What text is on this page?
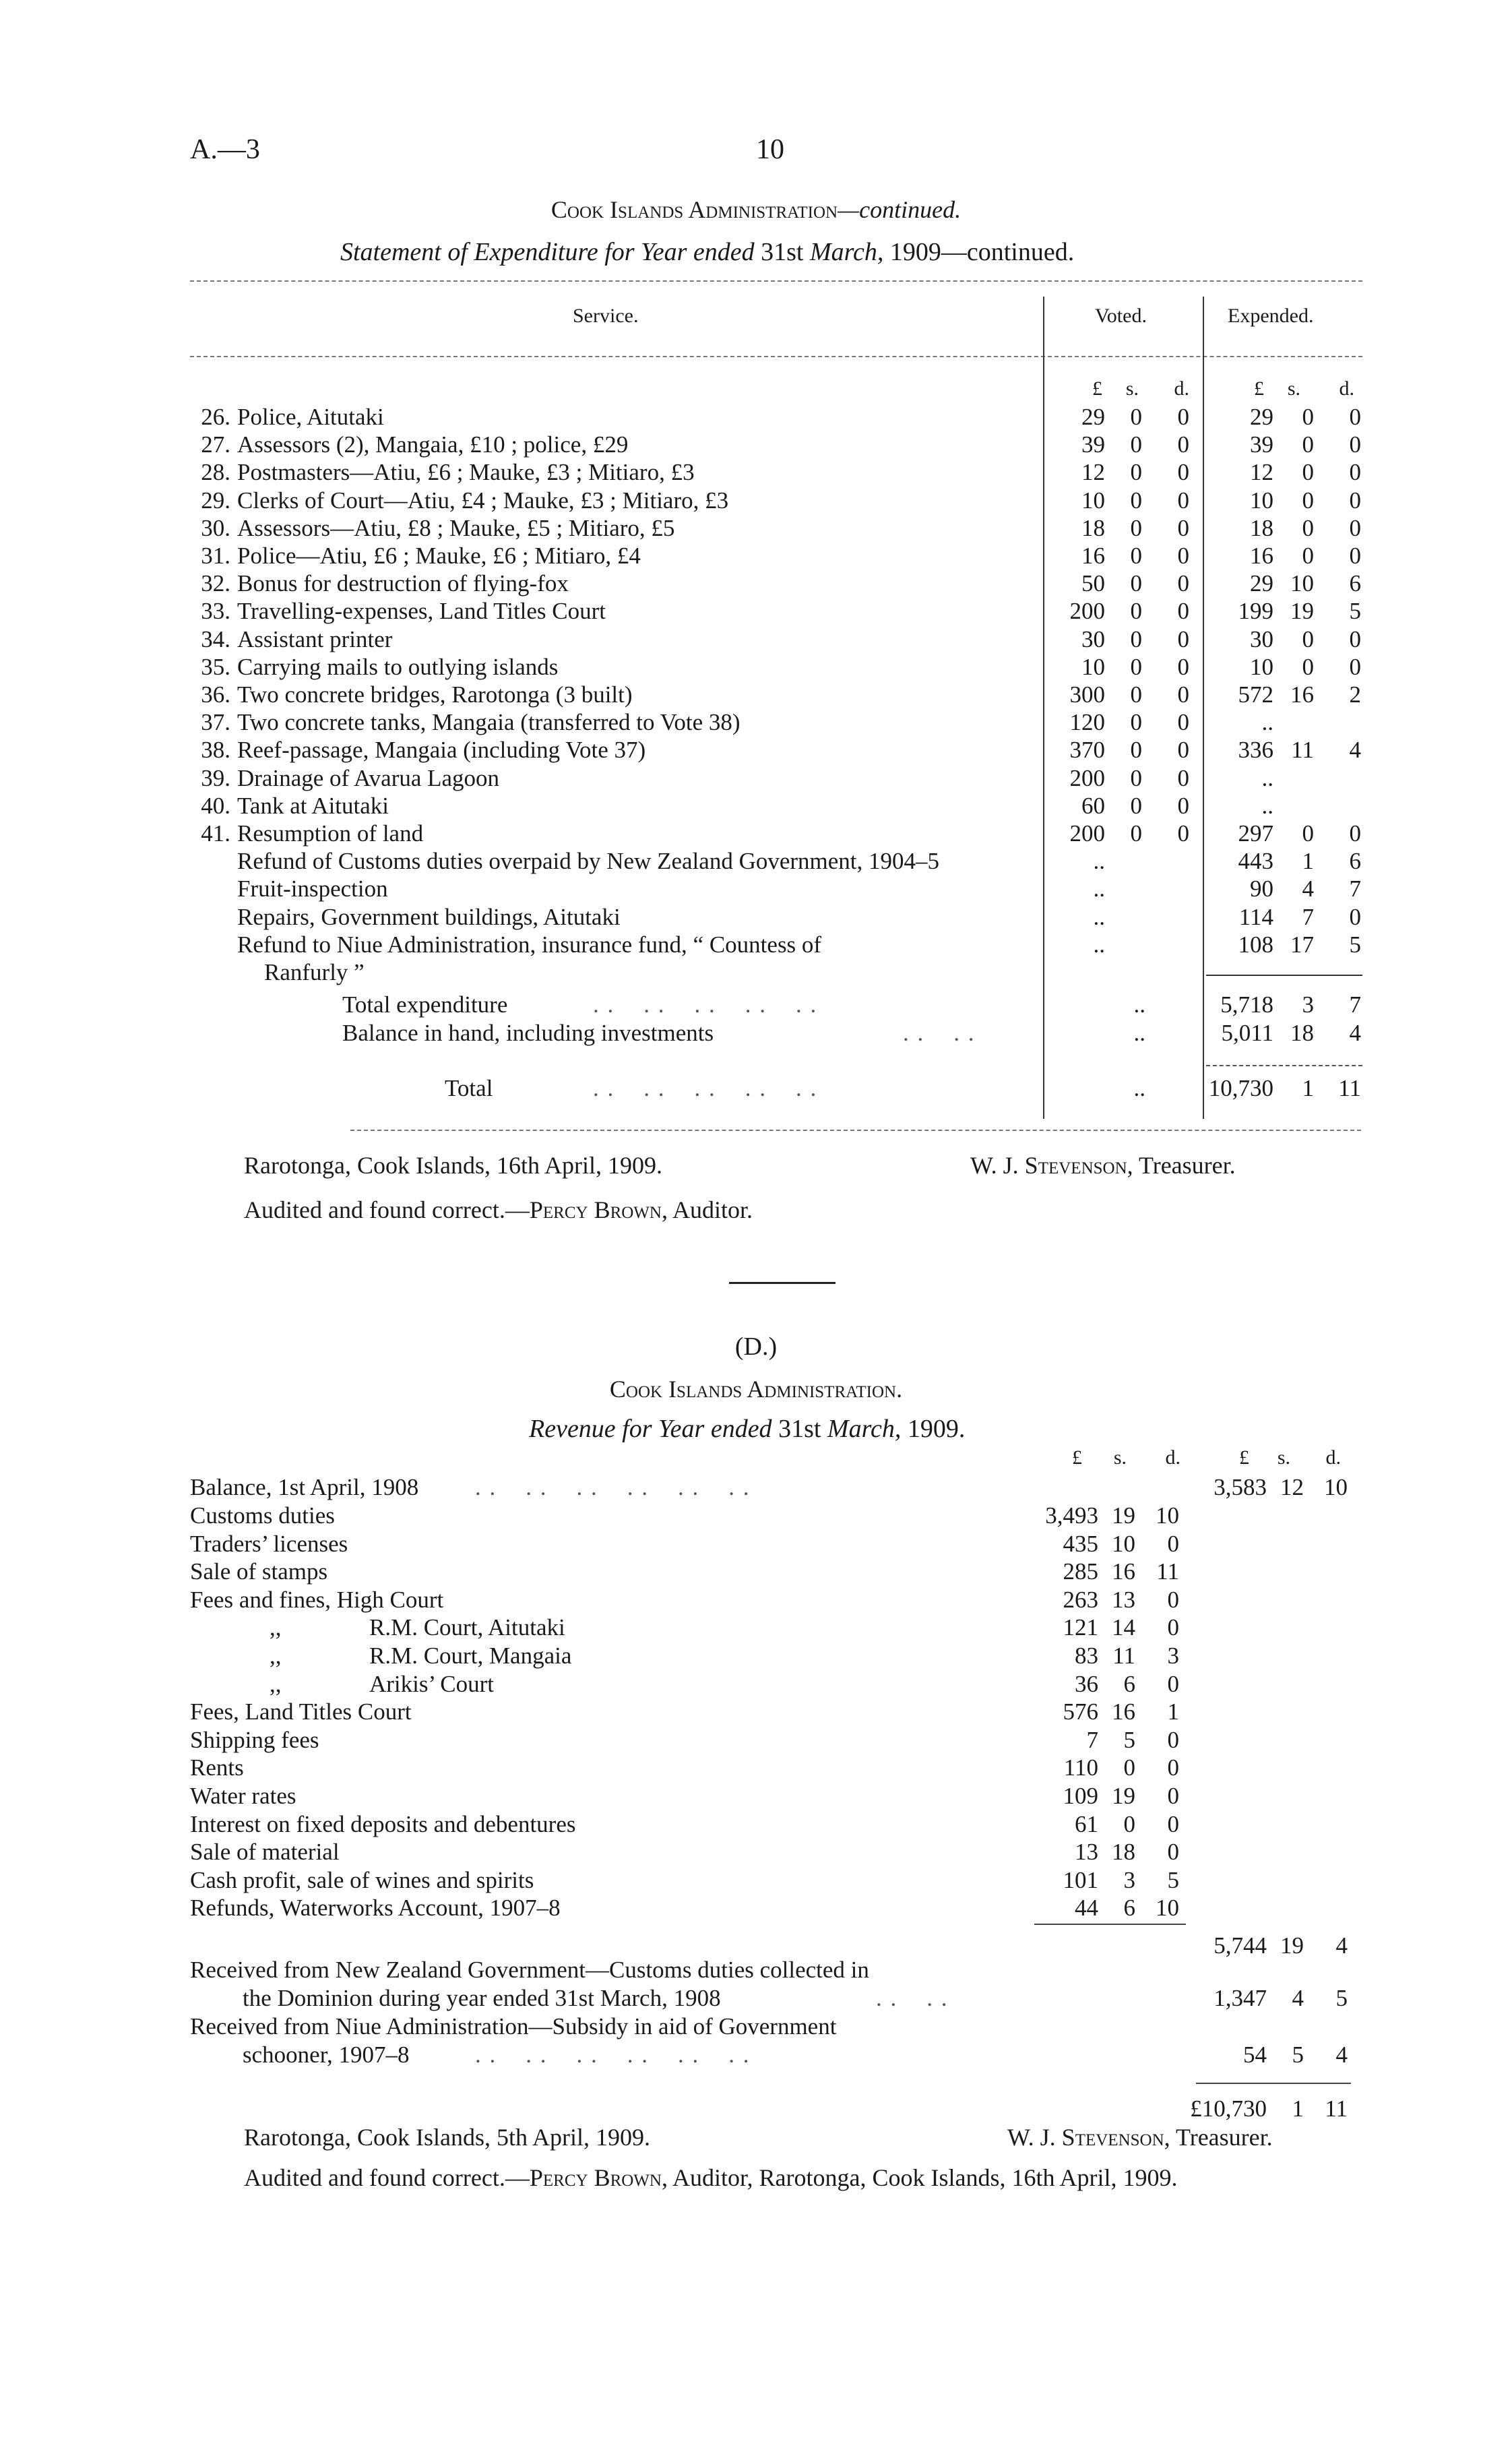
A.—3	10
Cook Islands Administration—continued.
Statement of Expenditure for Year ended 31st March, 1909—continued.
Service.	Voted.	Expended.
£	s. d.	£	s. d.
26. Police, Aitutaki	29	0	0	29	0	0
27. Assessors (2), Mangaia, £10 ; police, £29	39	0	0	39	0	0
28. Postmasters—Atiu, £6 ; Mauke, £3 ; Mitiaro, £3	12	0	0	12	0	0
29. Clerks of Court—Atiu, £4 ; Mauke, £3 ; Mitiaro, £3	10	0	0	10	0	0
30. Assessors—Atiu, £8 ; Mauke, £5 ; Mitiaro, £5	18	0	0	18	0	0
31. Police—Atiu, £6 ; Mauke, £6 ; Mitiaro, £4	16	0	0	16	0	0
32. Bonus for destruction of flying-fox	50	0	0	29 10	6
33. Travelling-expenses, Land Titles Court	200	0	0	199 19	5
34. Assistant printer	30	0	0	30	0	0
35. Carrying mails to outlying islands	10	0	0	10	0	0
36. Two concrete bridges, Rarotonga (3 built)	300	0	0	572 16	2
37. Two concrete tanks, Mangaia (transferred to Vote 38)	120	0	0	..
38. Reef-passage, Mangaia (including Vote 37)	370	0	0	336 11	4
39. Drainage of Avarua Lagoon	200	0	0	..
40. Tank at Aitutaki	60	0	0	..
41. Resumption of land	200	0	0	297	0	0
Refund of Customs duties overpaid by New Zealand Government, 1904–5	..	443	1	6
Fruit-inspection	..	90	4	7
Repairs, Government buildings, Aitutaki	..	114	7	0
Refund to Niue Administration, insurance fund, “ Countess of	..	108 17	5
Ranfurly ”
Total expenditure	. .    . .    . .    . .    . .	..	5,718	3	7
Balance in hand, including investments	. .    . .	..	5,011 18	4
Total	. .    . .    . .    . .    . .	..	10,730	1	11
Rarotonga, Cook Islands, 16th April, 1909.	W. J. Stevenson, Treasurer.
Audited and found correct.—Percy Brown, Auditor.
(D.)
Cook Islands Administration.
Revenue for Year ended 31st March, 1909.
£	s. d.	£	s. d.
Balance, 1st April, 1908 . .    . .    . .    . .    . .    . .	3,583 12 10
Customs duties	3,493 19 10
Traders’ licenses	435 10	0
Sale of stamps	285 16 11
Fees and fines, High Court	263 13	0
,,	R.M. Court, Aitutaki	121 14	0
,,	R.M. Court, Mangaia	83 11	3
,,	Arikis’ Court	36	6	0
Fees, Land Titles Court	576 16	1
Shipping fees	7	5	0
Rents	110	0	0
Water rates	109 19	0
Interest on fixed deposits and debentures	61	0	0
Sale of material	13 18	0
Cash profit, sale of wines and spirits	101	3	5
Refunds, Waterworks Account, 1907–8	44	6 10
5,744 19	4
Received from New Zealand Government—Customs duties collected in
the Dominion during year ended 31st March, 1908	. .    . .	1,347	4	5
Received from Niue Administration—Subsidy in aid of Government
schooner, 1907–8	. .    . .    . .    . .    . .    . .	54	5	4
£10,730	1 11
Rarotonga, Cook Islands, 5th April, 1909.	W. J. Stevenson, Treasurer.
Audited and found correct.—Percy Brown, Auditor, Rarotonga, Cook Islands, 16th April, 1909.
